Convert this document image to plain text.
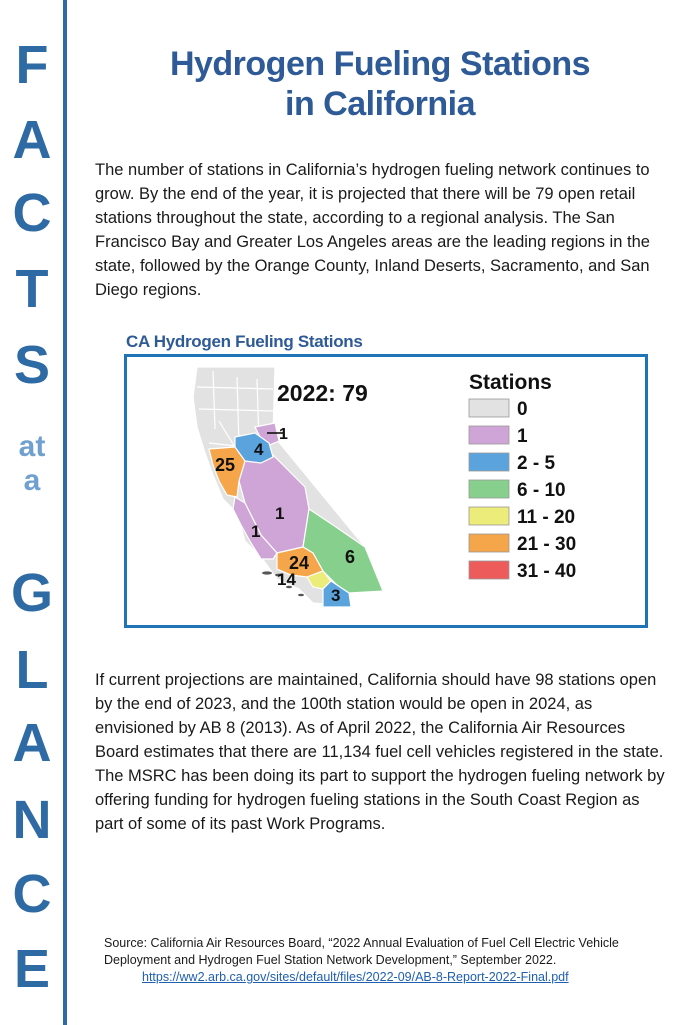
F
A
C
T
S
at
a
G
L
A
N
C
E
Hydrogen Fueling Stations
in California
The number of stations in California’s hydrogen fueling network continues to grow. By the end of the year, it is projected that there will be 79 open retail stations throughout the state, according to a regional analysis. The San Francisco Bay and Greater Los Angeles areas are the leading regions in the state, followed by the Orange County, Inland Deserts, Sacramento, and San Diego regions.
CA Hydrogen Fueling Stations
1
4
25
1
1
24 6
14
3
2022: 79	Stations
0
1
2 - 5
6 - 10
11 - 20
21 - 30
31 - 40
If current projections are maintained, California should have 98 stations open by the end of 2023, and the 100th station would be open in 2024, as envisioned by AB 8 (2013). As of April 2022, the California Air Resources Board estimates that there are 11,134 fuel cell vehicles registered in the state. The MSRC has been doing its part to support the hydrogen fueling network by offering funding for hydrogen fueling stations in the South Coast Region as part of some of its past Work Programs.
Source: California Air Resources Board, “2022 Annual Evaluation of Fuel Cell Electric Vehicle Deployment and Hydrogen Fuel Station Network Development,” September 2022.
https://ww2.arb.ca.gov/sites/default/files/2022-09/AB-8-Report-2022-Final.pdf
